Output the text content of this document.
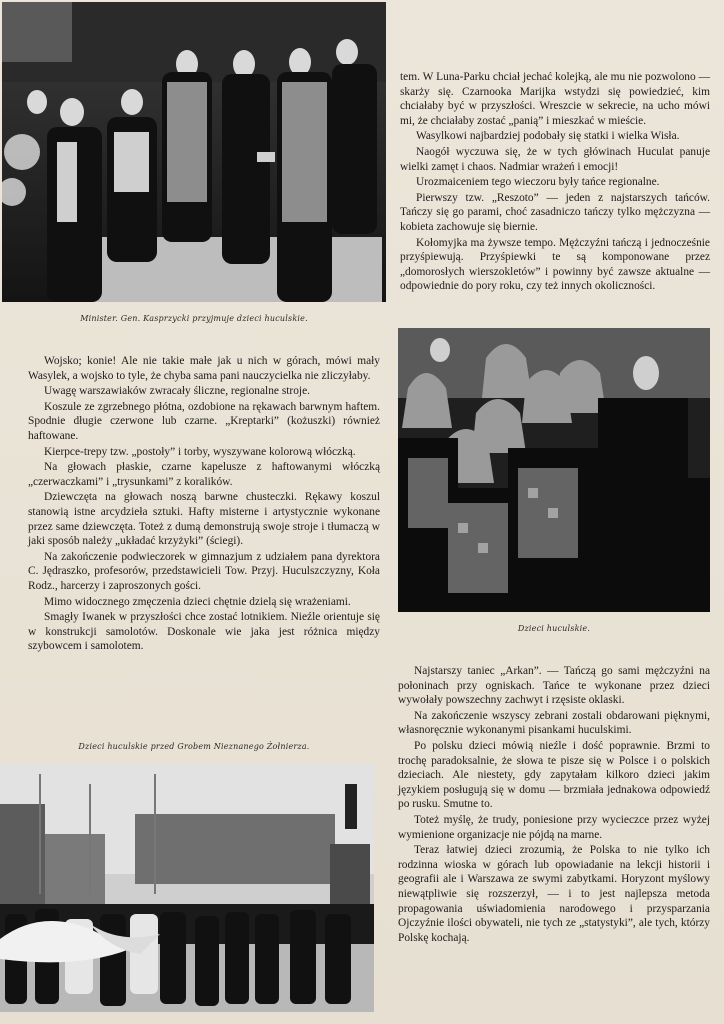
Minister. Gen. Kasprzycki przyjmuje dzieci huculskie.

tem. W Luna-Parku chciał jechać kolejką, ale mu nie pozwolono — skarży się. Czarnooka Marijka wstydzi się powiedzieć, kim chciałaby być w przyszłości. Wreszcie w sekrecie, na ucho mówi mi, że chciałaby zostać „panią” i mieszkać w mieście.

Wasylkowi najbardziej podobały się statki i wielka Wisła.

Naogół wyczuwa się, że w tych główinach Huculat panuje wielki zamęt i chaos. Nadmiar wrażeń i emocji!

Urozmaiceniem tego wieczoru były tańce regionalne.

Pierwszy tzw. „Reszoto” — jeden z najstarszych tańców. Tańczy się go parami, choć zasadniczo tańczy tylko mężczyzna — kobieta zachowuje się biernie.

Kołomyjka ma żywsze tempo. Mężczyźni tańczą i jednocześnie przyśpiewują. Przyśpiewki te są komponowane przez „domorosłych wierszokletów” i powinny być zawsze aktualne — odpowiednie do pory roku, czy też innych okoliczności.

Dzieci huculskie.

Wojsko; konie! Ale nie takie małe jak u nich w górach, mówi mały Wasylek, a wojsko to tyle, że chyba sama pani nauczycielka nie zliczyłaby.

Uwagę warszawiaków zwracały śliczne, regionalne stroje.

Koszule ze zgrzebnego płótna, ozdobione na rękawach barwnym haftem. Spodnie długie czerwone lub czarne. „Kreptarki” (kożuszki) również haftowane.

Kierpce-trepy tzw. „postoły” i torby, wyszywane kolorową włóczką.

Na głowach płaskie, czarne kapelusze z haftowanymi włóczką „czerwaczkami” i „trysunkami” z koralików.

Dziewczęta na głowach noszą barwne chusteczki. Rękawy koszul stanowią istne arcydzieła sztuki. Hafty misterne i artystycznie wykonane przez same dziewczęta. Toteż z dumą demonstrują swoje stroje i tłumaczą w jaki sposób należy „układać krzyżyki” (ściegi).

Na zakończenie podwieczorek w gimnazjum z udziałem pana dyrektora C. Jędraszko, profesorów, przedstawicieli Tow. Przyj. Huculszczyzny, Koła Rodz., harcerzy i zaproszonych gości.

Mimo widocznego zmęczenia dzieci chętnie dzielą się wrażeniami.

Smagły Iwanek w przyszłości chce zostać lotnikiem. Nieźle orientuje się w konstrukcji samolotów. Doskonale wie jaka jest różnica między szybowcem i samolotem.

Dzieci huculskie przed Grobem Nieznanego Żołnierza.

Najstarszy taniec „Arkan”. — Tańczą go sami mężczyźni na połoninach przy ogniskach. Tańce te wykonane przez dzieci wywołały powszechny zachwyt i rzęsiste oklaski.

Na zakończenie wszyscy zebrani zostali obdarowani pięknymi, własnoręcznie wykonanymi pisankami huculskimi.

Po polsku dzieci mówią nieźle i dość poprawnie. Brzmi to trochę paradoksalnie, że słowa te pisze się w Polsce i o polskich dzieciach. Ale niestety, gdy zapytałam kilkoro dzieci jakim językiem posługują się w domu — brzmiała jednakowa odpowiedź po rusku. Smutne to.

Toteż myślę, że trudy, poniesione przy wycieczce przez wyżej wymienione organizacje nie pójdą na marne.

Teraz łatwiej dzieci zrozumią, że Polska to nie tylko ich rodzinna wioska w górach lub opowiadanie na lekcji historii i geografii ale i Warszawa ze swymi zabytkami. Horyzont myślowy niewątpliwie się rozszerzył, — i to jest najlepsza metoda propagowania uświadomienia narodowego i przysparzania Ojczyźnie ilości obywateli, nie tych ze „statystyki”, ale tych, którzy Polskę kochają.
